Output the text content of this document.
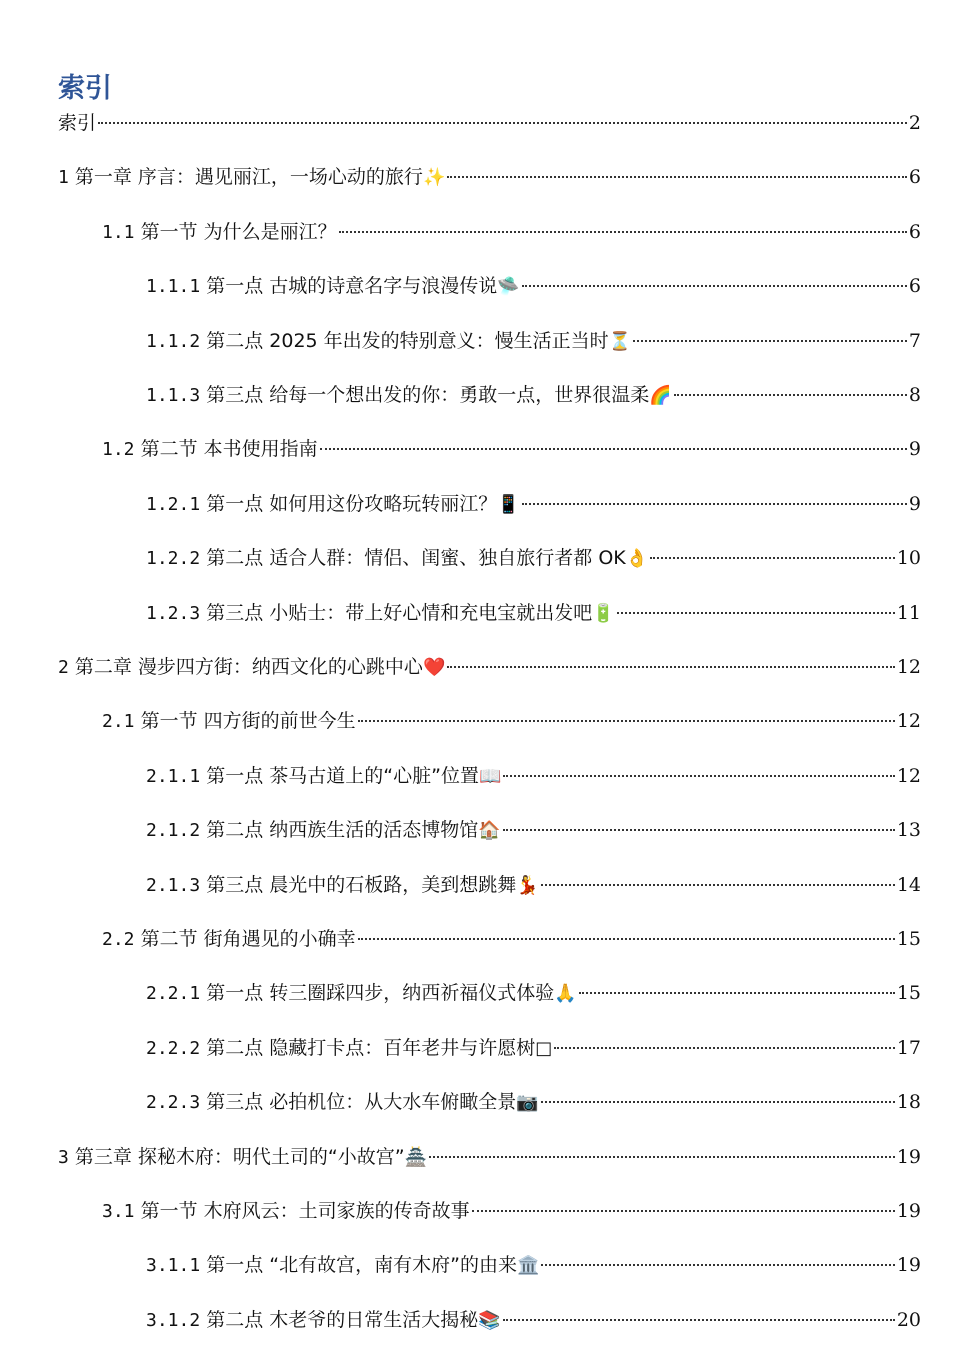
索引
索引	2
1 第一章 序言：遇见丽江，一场心动的旅行✨	6
1.1 第一节 为什么是丽江？	6
1.1.1 第一点 古城的诗意名字与浪漫传说🛸	6
1.1.2 第二点 2025 年出发的特别意义：慢生活正当时⏳	7
1.1.3 第三点 给每一个想出发的你：勇敢一点，世界很温柔🌈	8
1.2 第二节 本书使用指南	9
1.2.1 第一点 如何用这份攻略玩转丽江？📱	9
1.2.2 第二点 适合人群：情侣、闺蜜、独自旅行者都 OK👌	10
1.2.3 第三点 小贴士：带上好心情和充电宝就出发吧🔋	11
2 第二章 漫步四方街：纳西文化的心跳中心❤️	12
2.1 第一节 四方街的前世今生	12
2.1.1 第一点 茶马古道上的“心脏”位置📖	12
2.1.2 第二点 纳西族生活的活态博物馆🏠	13
2.1.3 第三点 晨光中的石板路，美到想跳舞💃	14
2.2 第二节 街角遇见的小确幸	15
2.2.1 第一点 转三圈踩四步，纳西祈福仪式体验🙏	15
2.2.2 第二点 隐藏打卡点：百年老井与许愿树□	17
2.2.3 第三点 必拍机位：从大水车俯瞰全景📷	18
3 第三章 探秘木府：明代土司的“小故宫”🏯	19
3.1 第一节 木府风云：土司家族的传奇故事	19
3.1.1 第一点 “北有故宫，南有木府”的由来🏛️	19
3.1.2 第二点 木老爷的日常生活大揭秘📚	20
